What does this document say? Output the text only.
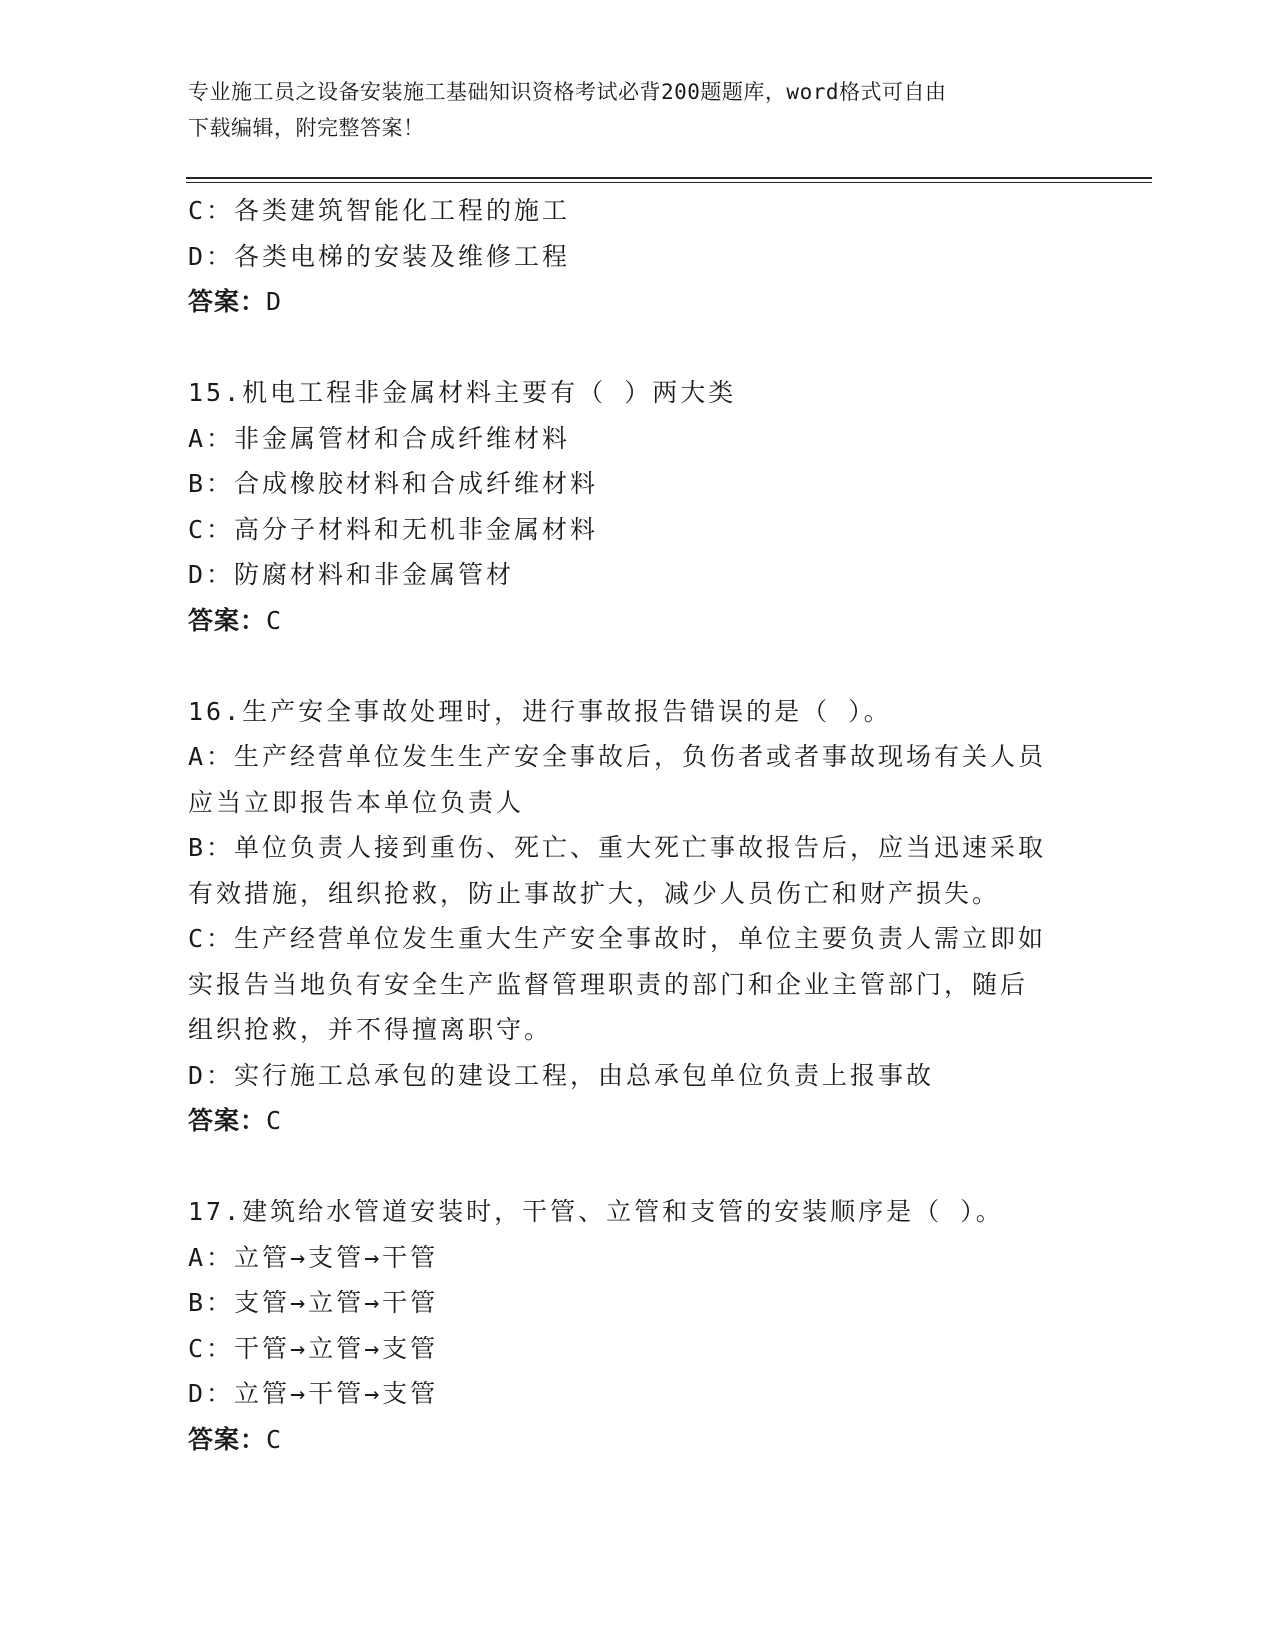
专业施工员之设备安装施工基础知识资格考试必背200题题库，word格式可自由
下载编辑，附完整答案！
C：各类建筑智能化工程的施工
D：各类电梯的安装及维修工程
答案：D
15.机电工程非金属材料主要有（ ）两大类
A：非金属管材和合成纤维材料
B：合成橡胶材料和合成纤维材料
C：高分子材料和无机非金属材料
D：防腐材料和非金属管材
答案：C
16.生产安全事故处理时，进行事故报告错误的是（ ）。
A：生产经营单位发生生产安全事故后，负伤者或者事故现场有关人员
应当立即报告本单位负责人
B：单位负责人接到重伤、死亡、重大死亡事故报告后，应当迅速采取
有效措施，组织抢救，防止事故扩大，减少人员伤亡和财产损失。
C：生产经营单位发生重大生产安全事故时，单位主要负责人需立即如
实报告当地负有安全生产监督管理职责的部门和企业主管部门，随后
组织抢救，并不得擅离职守。
D：实行施工总承包的建设工程，由总承包单位负责上报事故
答案：C
17.建筑给水管道安装时，干管、立管和支管的安装顺序是（ ）。
A：立管→支管→干管
B：支管→立管→干管
C：干管→立管→支管
D：立管→干管→支管
答案：C
